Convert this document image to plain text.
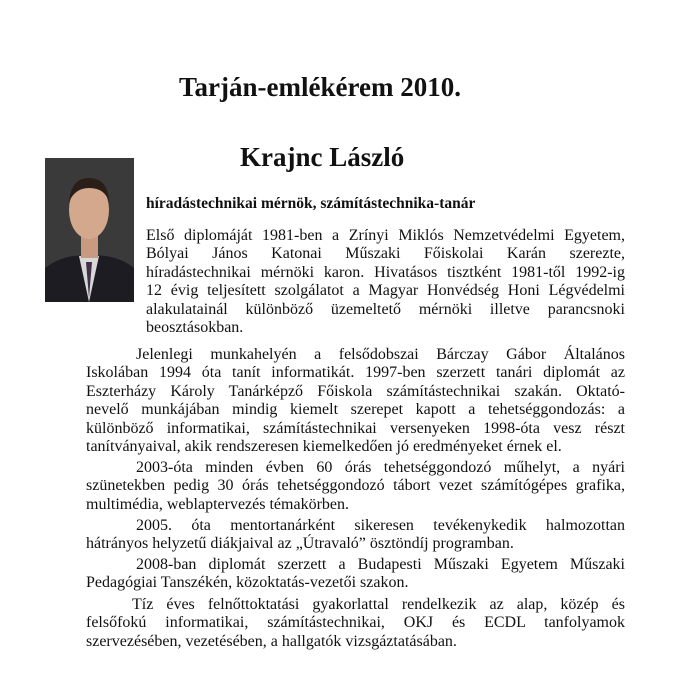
Tarján-emlékérem 2010.
Krajnc László
híradástechnikai mérnök, számítástechnika-tanár
Első diplomáját 1981-ben a Zrínyi Miklós Nemzetvédelmi Egyetem,
Bólyai János Katonai Műszaki Főiskolai Karán szerezte,
híradástechnikai mérnöki karon. Hivatásos tisztként 1981-től 1992-ig
12 évig teljesített szolgálatot a Magyar Honvédség Honi Légvédelmi
alakulatainál különböző üzemeltető mérnöki illetve parancsnoki
beosztásokban.
Jelenlegi munkahelyén a felsődobszai Bárczay Gábor Általános
Iskolában 1994 óta tanít informatikát. 1997-ben szerzett tanári diplomát az
Eszterházy Károly Tanárképző Főiskola számítástechnikai szakán. Oktató-
nevelő munkájában mindig kiemelt szerepet kapott a tehetséggondozás: a
különböző informatikai, számítástechnikai versenyeken 1998-óta vesz részt
tanítványaival, akik rendszeresen kiemelkedően jó eredményeket érnek el.
2003-óta minden évben 60 órás tehetséggondozó műhelyt, a nyári
szünetekben pedig 30 órás tehetséggondozó tábort vezet számítógépes grafika,
multimédia, weblaptervezés témakörben.
2005. óta mentortanárként sikeresen tevékenykedik halmozottan
hátrányos helyzetű diákjaival az „Útravaló” ösztöndíj programban.
2008-ban diplomát szerzett a Budapesti Műszaki Egyetem Műszaki
Pedagógiai Tanszékén, közoktatás-vezetői szakon.
Tíz éves felnőttoktatási gyakorlattal rendelkezik az alap, közép és
felsőfokú informatikai, számítástechnikai, OKJ és ECDL tanfolyamok
szervezésében, vezetésében, a hallgatók vizsgáztatásában.
